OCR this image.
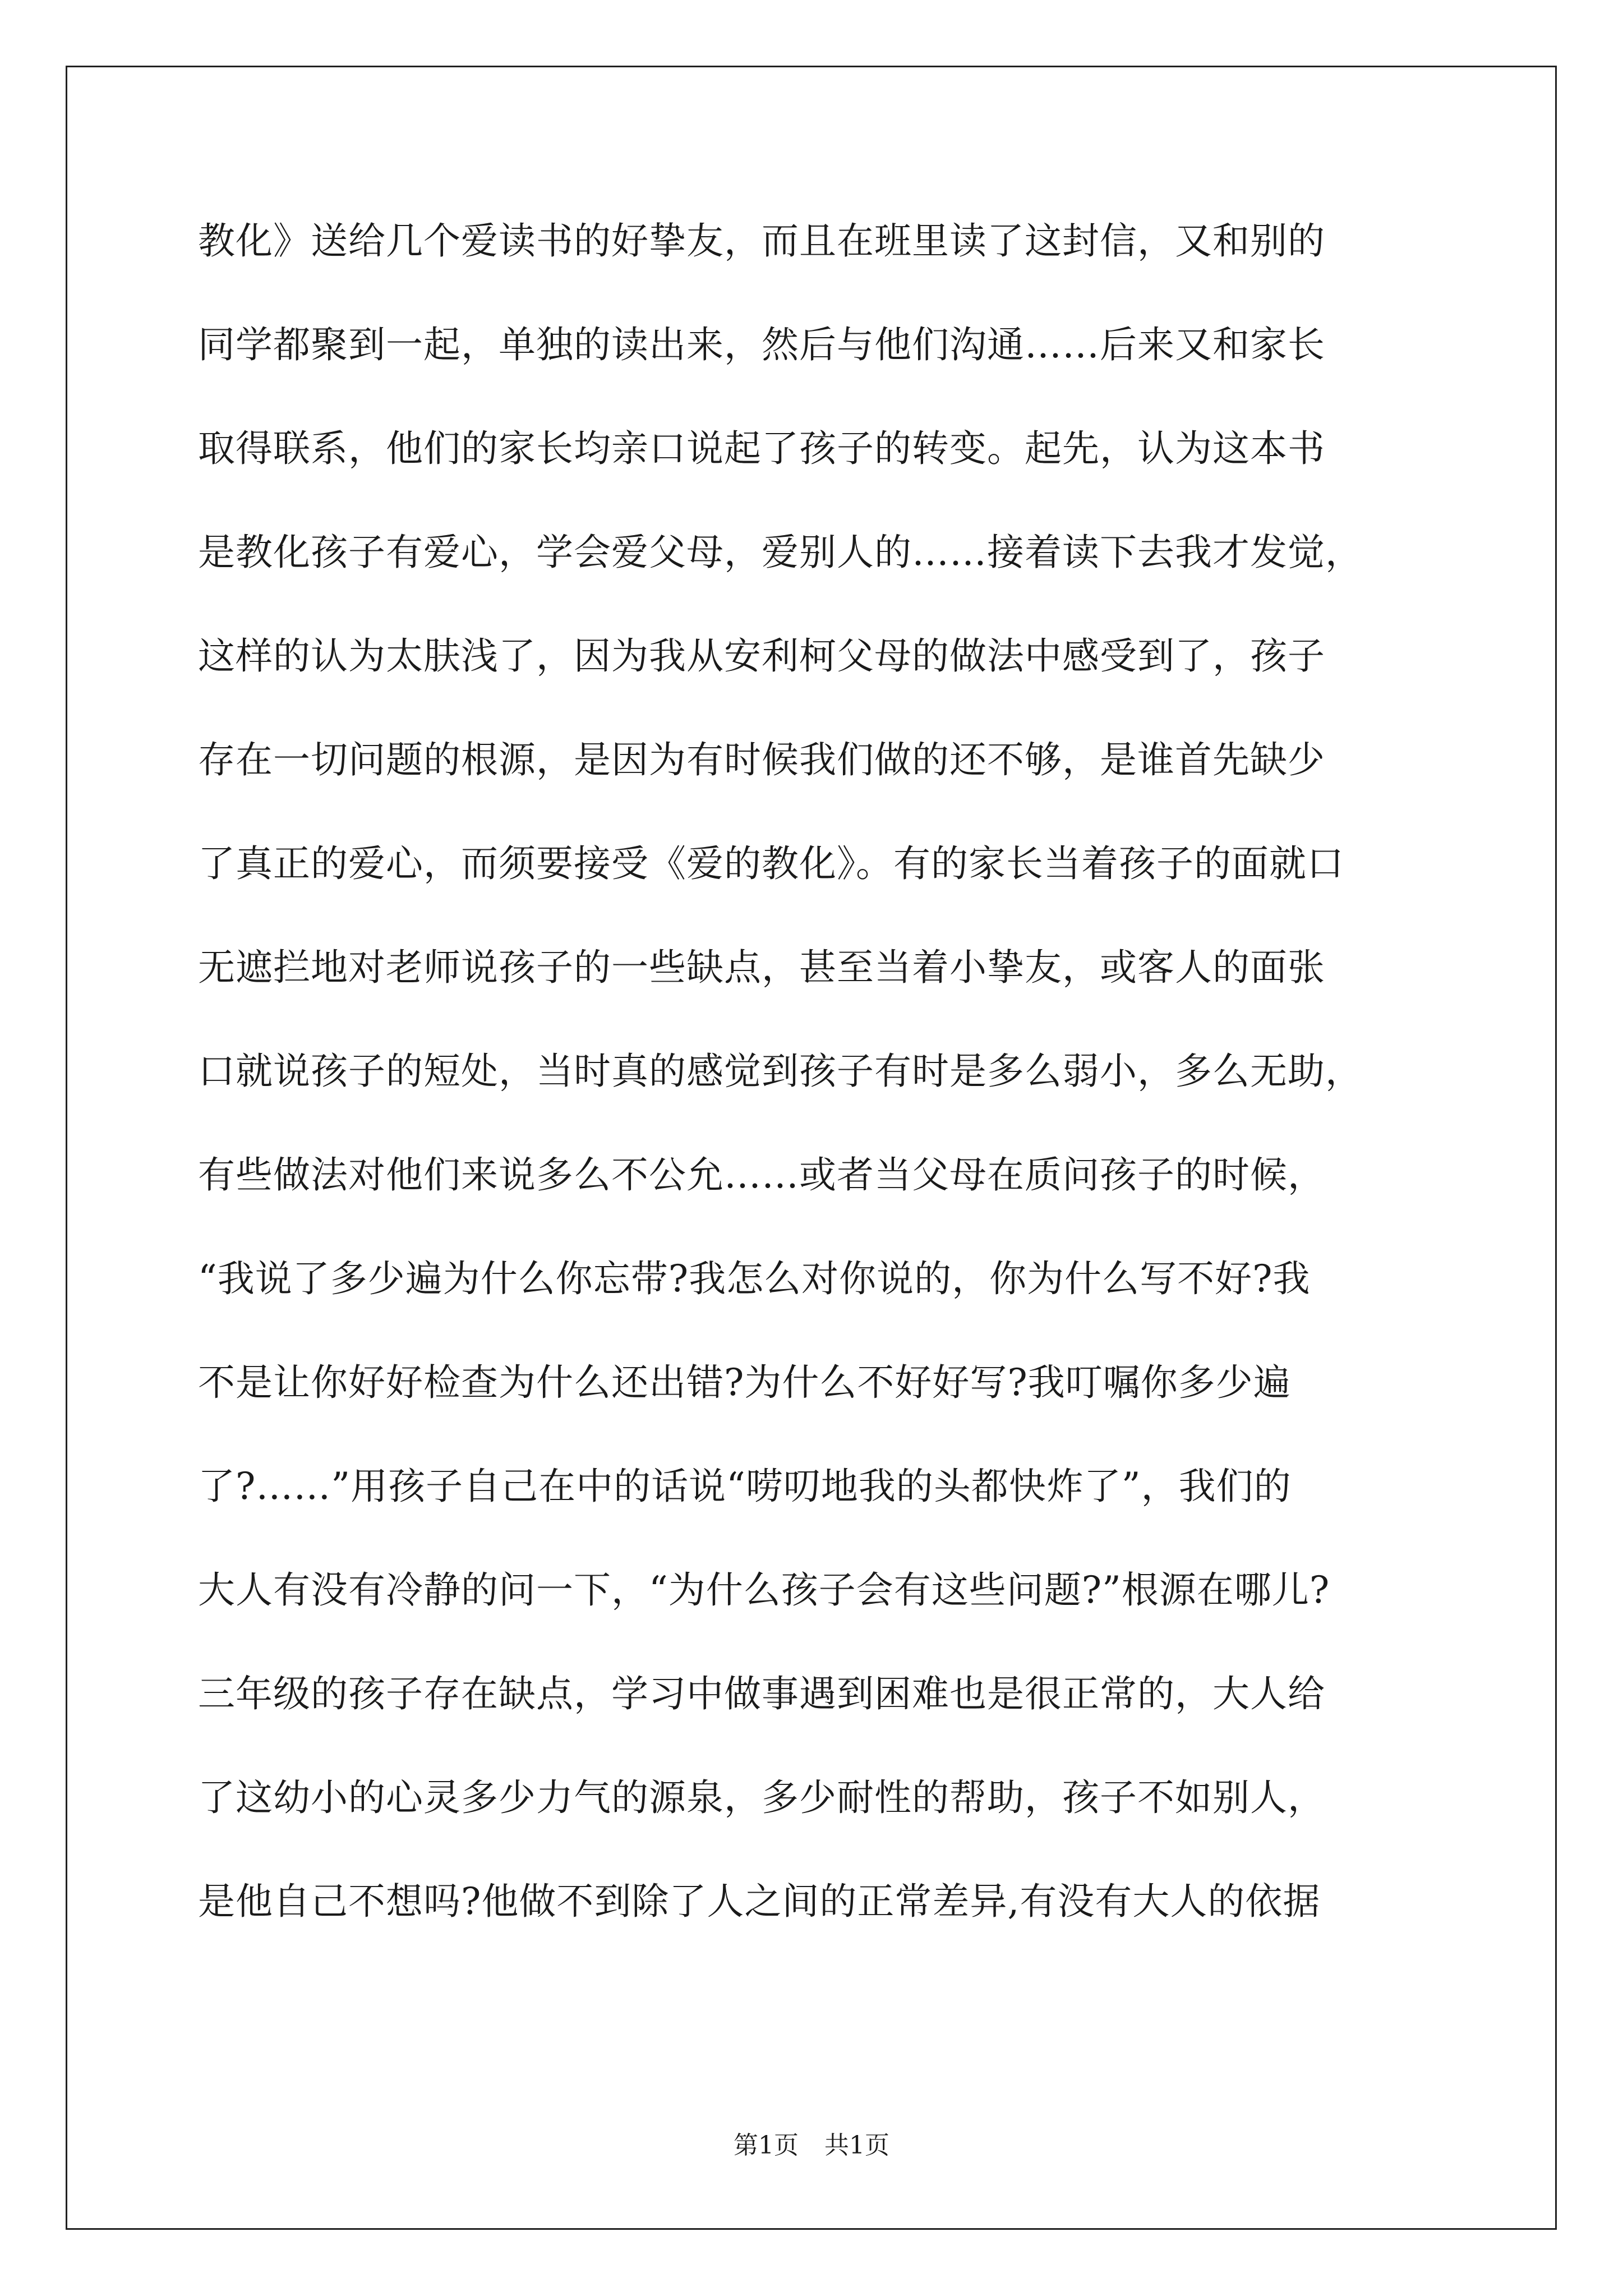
教化》送给几个爱读书的好挚友，而且在班里读了这封信，又和别的
同学都聚到一起，单独的读出来，然后与他们沟通……后来又和家长
取得联系，他们的家长均亲口说起了孩子的转变。起先，认为这本书
是教化孩子有爱心，学会爱父母，爱别人的……接着读下去我才发觉，
这样的认为太肤浅了，因为我从安利柯父母的做法中感受到了，孩子
存在一切问题的根源，是因为有时候我们做的还不够，是谁首先缺少
了真正的爱心，而须要接受《爱的教化》。有的家长当着孩子的面就口
无遮拦地对老师说孩子的一些缺点，甚至当着小挚友，或客人的面张
口就说孩子的短处，当时真的感觉到孩子有时是多么弱小，多么无助，
有些做法对他们来说多么不公允……或者当父母在质问孩子的时候，
“我说了多少遍为什么你忘带?我怎么对你说的，你为什么写不好?我
不是让你好好检查为什么还出错?为什么不好好写?我叮嘱你多少遍
了?……”用孩子自己在中的话说“唠叨地我的头都快炸了”，我们的
大人有没有冷静的问一下，“为什么孩子会有这些问题?”根源在哪儿?
三年级的孩子存在缺点，学习中做事遇到困难也是很正常的，大人给
了这幼小的心灵多少力气的源泉，多少耐性的帮助，孩子不如别人，
是他自己不想吗?他做不到除了人之间的正常差异,有没有大人的依据
第1页 共1页
